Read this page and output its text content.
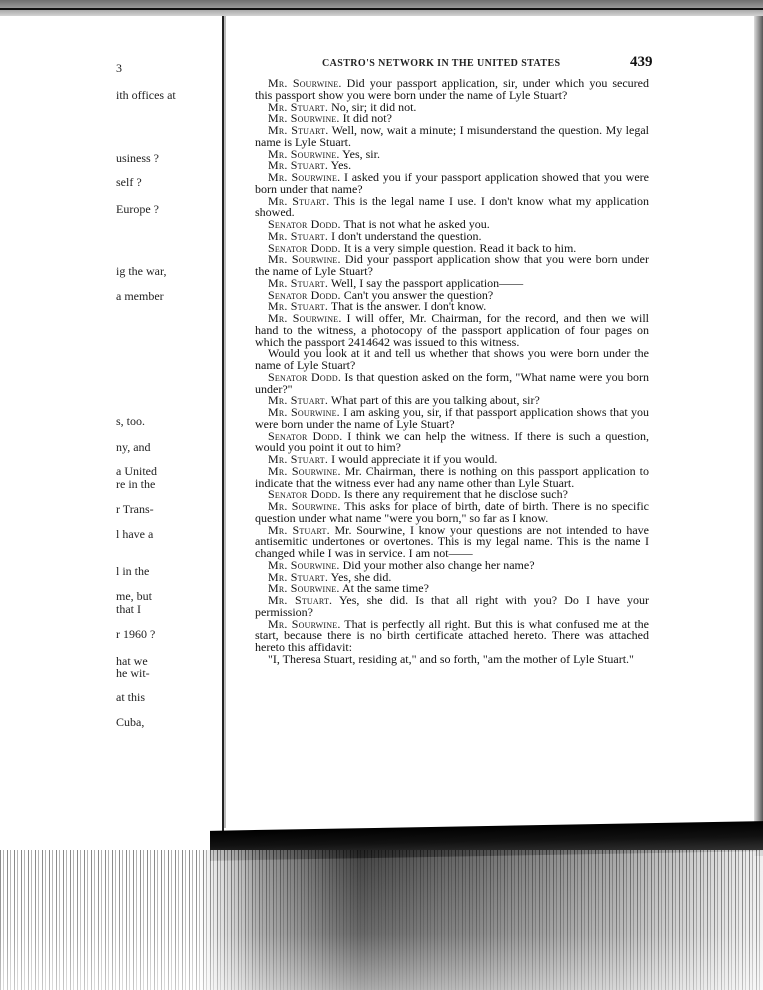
3
ith offices at
usiness ?
self ?
Europe ?
ig the war,
a member
s, too.
ny, and
a United
re in the
r Trans-
l have a
l in the
me, but
that I
r 1960 ?
hat we
he wit-
at this
Cuba,
CASTRO'S NETWORK IN THE UNITED STATES	439

Mr. Sourwine. Did your passport application, sir, under which you secured this passport show you were born under the name of Lyle Stuart?

Mr. Stuart. No, sir; it did not.

Mr. Sourwine. It did not?

Mr. Stuart. Well, now, wait a minute; I misunderstand the question. My legal name is Lyle Stuart.

Mr. Sourwine. Yes, sir.

Mr. Stuart. Yes.

Mr. Sourwine. I asked you if your passport application showed that you were born under that name?

Mr. Stuart. This is the legal name I use. I don't know what my application showed.

Senator Dodd. That is not what he asked you.

Mr. Stuart. I don't understand the question.

Senator Dodd. It is a very simple question. Read it back to him.

Mr. Sourwine. Did your passport application show that you were born under the name of Lyle Stuart?

Mr. Stuart. Well, I say the passport application——

Senator Dodd. Can't you answer the question?

Mr. Stuart. That is the answer. I don't know.

Mr. Sourwine. I will offer, Mr. Chairman, for the record, and then we will hand to the witness, a photocopy of the passport application of four pages on which the passport 2414642 was issued to this witness.

Would you look at it and tell us whether that shows you were born under the name of Lyle Stuart?

Senator Dodd. Is that question asked on the form, "What name were you born under?"

Mr. Stuart. What part of this are you talking about, sir?

Mr. Sourwine. I am asking you, sir, if that passport application shows that you were born under the name of Lyle Stuart?

Senator Dodd. I think we can help the witness. If there is such a question, would you point it out to him?

Mr. Stuart. I would appreciate it if you would.

Mr. Sourwine. Mr. Chairman, there is nothing on this passport application to indicate that the witness ever had any name other than Lyle Stuart.

Senator Dodd. Is there any requirement that he disclose such?

Mr. Sourwine. This asks for place of birth, date of birth. There is no specific question under what name "were you born," so far as I know.

Mr. Stuart. Mr. Sourwine, I know your questions are not intended to have antisemitic undertones or overtones. This is my legal name. This is the name I changed while I was in service. I am not——

Mr. Sourwine. Did your mother also change her name?

Mr. Stuart. Yes, she did.

Mr. Sourwine. At the same time?

Mr. Stuart. Yes, she did. Is that all right with you? Do I have your permission?

Mr. Sourwine. That is perfectly all right. But this is what confused me at the start, because there is no birth certificate attached hereto. There was attached hereto this affidavit:

"I, Theresa Stuart, residing at," and so forth, "am the mother of Lyle Stuart."
